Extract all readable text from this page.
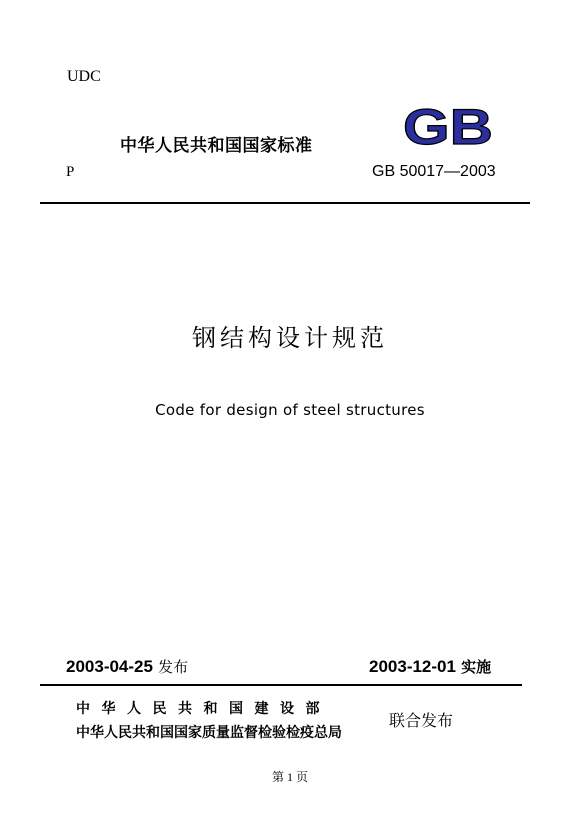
UDC
中华人民共和国国家标准
P
GB
GB 50017—2003
钢结构设计规范
Code for design of steel structures
2003-04-25 发布	2003-12-01 实施
中华人民共和国建设部
中华人民共和国国家质量监督检验检疫总局
联合发布
第 1 页
